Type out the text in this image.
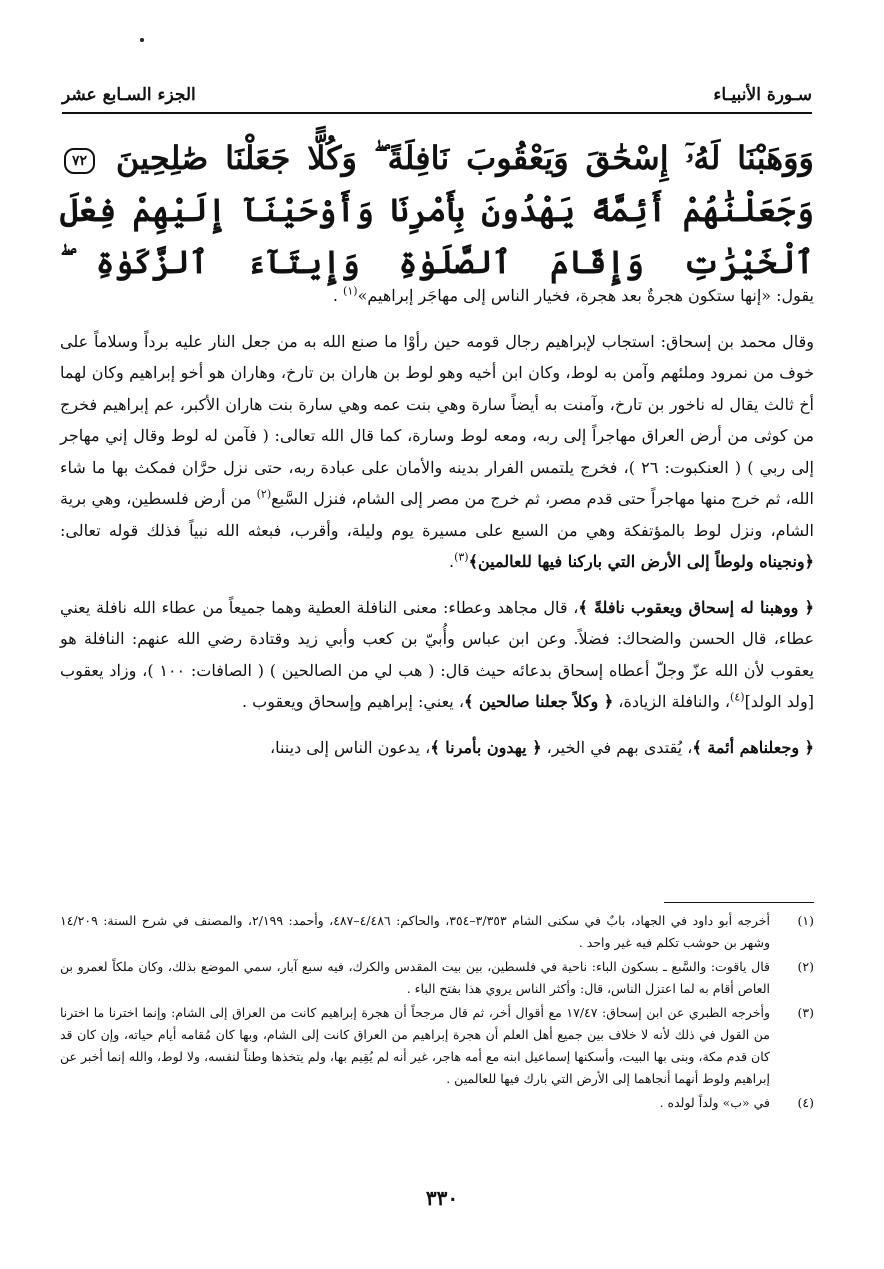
سـورة الأنبيـاء
الجزء السـابع عشر
وَوَهَبْنَا لَهُۥٓ إِسْحَٰقَ وَيَعْقُوبَ نَافِلَةً ۖ وَكُلًّا جَعَلْنَا صَٰلِحِينَ ٧٢ وَجَعَلْنَٰهُمْ أَئِمَّةً يَهْدُونَ بِأَمْرِنَا وَأَوْحَيْنَآ إِلَيْهِمْ فِعْلَ ٱلْخَيْرَٰتِ وَإِقَامَ ٱلصَّلَوٰةِ وَإِيتَآءَ ٱلزَّكَوٰةِ ۖ

يقول: «إنها ستكون هجرةٌ بعد هجرة، فخيار الناس إلى مهاجَر إبراهيم»$^{(١)}$ .

وقال محمد بن إسحاق: استجاب لإبراهيم رجال قومه حين رأوْا ما صنع الله به من جعل النار عليه برداً وسلاماً على خوف من نمرود وملئهم وآمن به لوط، وكان ابن أخيه وهو لوط بن هاران بن تارخ، وهاران هو أخو إبراهيم وكان لهما أخ ثالث يقال له ناخور بن تارخ، وآمنت به أيضاً سارة وهي بنت عمه وهي سارة بنت هاران الأكبر، عم إبراهيم فخرج من كوثى من أرض العراق مهاجراً إلى ربه، ومعه لوط وسارة، كما قال الله تعالى: ( فآمن له لوط وقال إني مهاجر إلى ربي ) ( العنكبوت: ٢٦ )، فخرج يلتمس الفرار بدينه والأمان على عبادة ربه، حتى نزل حرَّان فمكث بها ما شاء الله، ثم خرج منها مهاجراً حتى قدم مصر، ثم خرج من مصر إلى الشام، فنزل السَّبع$^{(٢)}$ من أرض فلسطين، وهي برية الشام، ونزل لوط بالمؤتفكة وهي من السبع على مسيرة يوم وليلة، وأقرب، فبعثه الله نبياً فذلك قوله تعالى: ﴿ونجيناه ولوطاً إلى الأرض التي باركنا فيها للعالمين﴾$^{(٣)}$.

﴿ ووهبنا له إسحاق ويعقوب نافلةً ﴾، قال مجاهد وعطاء: معنى النافلة العطية وهما جميعاً من عطاء الله نافلة يعني عطاء، قال الحسن والضحاك: فضلاً. وعن ابن عباس وأُبيّ بن كعب وأبي زيد وقتادة رضي الله عنهم: النافلة هو يعقوب لأن الله عزّ وجلّ أعطاه إسحاق بدعائه حيث قال: ( هب لي من الصالحين ) ( الصافات: ١٠٠ )، وزاد يعقوب [ولد الولد]$^{(٤)}$، والنافلة الزيادة، ﴿ وكلاً جعلنا صالحين ﴾، يعني: إبراهيم وإسحاق ويعقوب .

﴿ وجعلناهم أئمة ﴾، يُقتدى بهم في الخير، ﴿ يهدون بأمرنا ﴾، يدعون الناس إلى ديننا،

(١)
أخرجه أبو داود في الجهاد، بابٌ في سكنى الشام ٣/٣٥٣–٣٥٤، والحاكم: ٤/٤٨٦–٤٨٧، وأحمد: ٢/١٩٩، والمصنف في شرح السنة: ١٤/٢٠٩ وشهر بن حوشب تكلم فيه غير واحد .
(٢)
قال ياقوت: والسَّبع ـ بسكون الباء: ناحية في فلسطين، بين بيت المقدس والكرك، فيه سبع آبار، سمي الموضع بذلك، وكان ملكاً لعمرو بن العاص أقام به لما اعتزل الناس، قال: وأكثر الناس يروي هذا بفتح الباء .
(٣)
وأخرجه الطبري عن ابن إسحاق: ١٧/٤٧ مع أقوال أخر، ثم قال مرجحاً أن هجرة إبراهيم كانت من العراق إلى الشام: وإنما اخترنا ما اخترنا من القول في ذلك لأنه لا خلاف بين جميع أهل العلم أن هجرة إبراهيم من العراق كانت إلى الشام، وبها كان مُقامه أيام حياته، وإن كان قد كان قدم مكة، وبنى بها البيت، وأسكنها إسماعيل ابنه مع أمه هاجر، غير أنه لم يُقِيم بها، ولم يتخذها وطناً لنفسه، ولا لوط، والله إنما أخبر عن إبراهيم ولوط أنهما أنجاهما إلى الأرض التي بارك فيها للعالمين .
(٤)
في «ب» ولداً لولده .
٣٣٠
